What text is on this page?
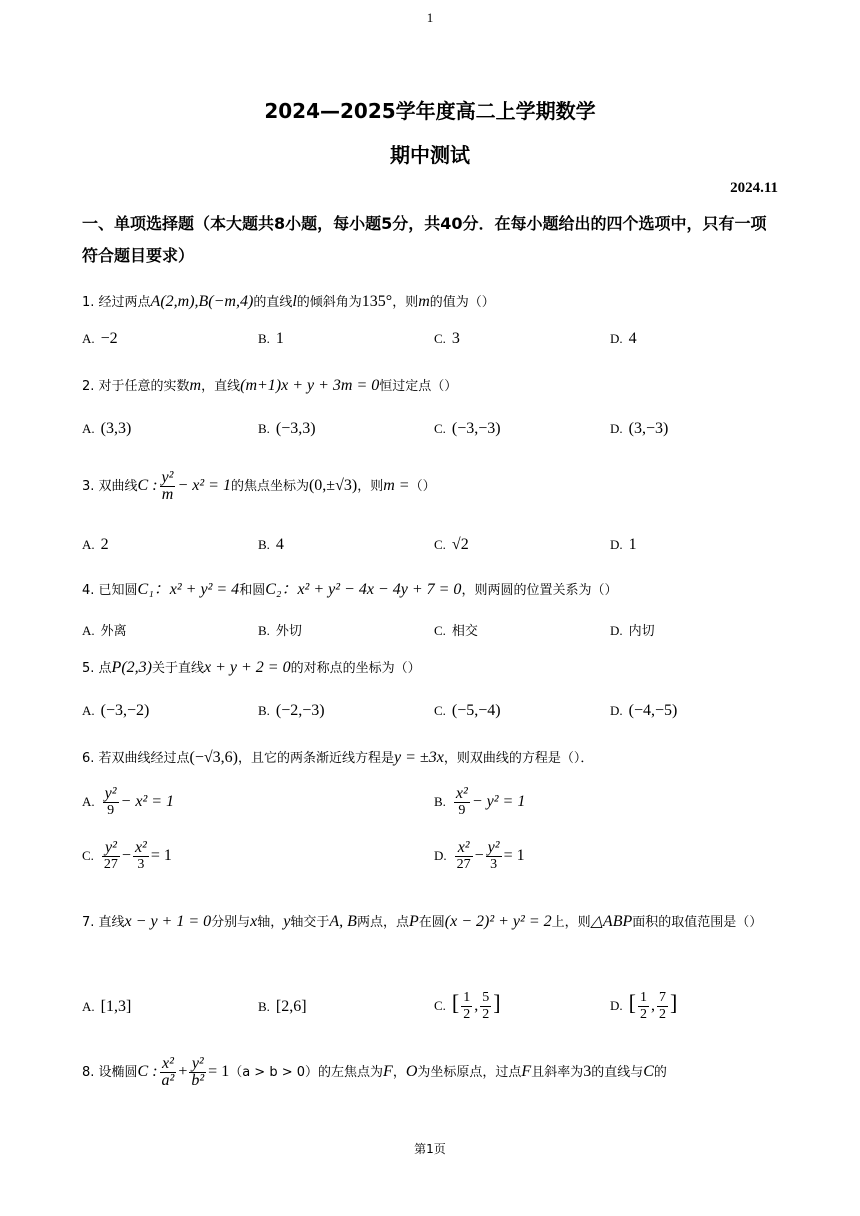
1
2024—2025学年度高二上学期数学
期中测试
2024.11
一、单项选择题（本大题共8小题，每小题5分，共40分．在每小题给出的四个选项中，只有一项符合题目要求）
1. 经过两点A(2,m),B(−m,4)的直线l的倾斜角为135°，则m的值为（）
A. −2	B. 1	C. 3	D. 4
2. 对于任意的实数m，直线(m+1)x + y + 3m = 0恒过定点（）
A. (3,3)	B. (−3,3)	C. (−3,−3)	D. (3,−3)
3. 双曲线C : $\frac{\text{y²}}{m} - x^2 = 1$的焦点坐标为(0,±√3)，则m =（）
A. 2	B. 4	C. √2	D. 1
4. 已知圆C₁：x² + y² = 4和圆C₂：x² + y² − 4x − 4y + 7 = 0，则两圆的位置关系为（）
A. 外离	B. 外切	C. 相交	D. 内切
5. 点P(2,3)关于直线x + y + 2 = 0的对称点的坐标为（）
A. (−3,−2)	B. (−2,−3)	C. (−5,−4)	D. (−4,−5)
6. 若双曲线经过点(−√3,6)，且它的两条渐近线方程是y = ±3x，则双曲线的方程是（）．
A. $\frac{\text{y²}}{9} - x^2 = 1$	B. $\frac{\text{x²}}{9} - y^2 = 1$
C. $\frac{\text{y²}}{27} - \frac{\text{x²}}{3} = 1$	D. $\frac{\text{x²}}{27} - \frac{\text{y²}}{3} = 1$
7. 直线x − y + 1 = 0分别与x轴，y轴交于A, B两点，点P在圆(x − 2)² + y² = 2上，则△ABP面积的取值范围是（）
A. [1,3]	B. [2,6]	C. [ $\frac{1}{2}$ , $\frac{5}{2}$ ]	D. [ $\frac{1}{2}$ , $\frac{7}{2}$ ]
8. 设椭圆C : $\frac{\text{x²}}{\text{a²}} + \frac{\text{y²}}{\text{b²}} = 1(a > b > 0)$的左焦点为F，O为坐标原点，过点F且斜率为3的直线与C的
第1页
